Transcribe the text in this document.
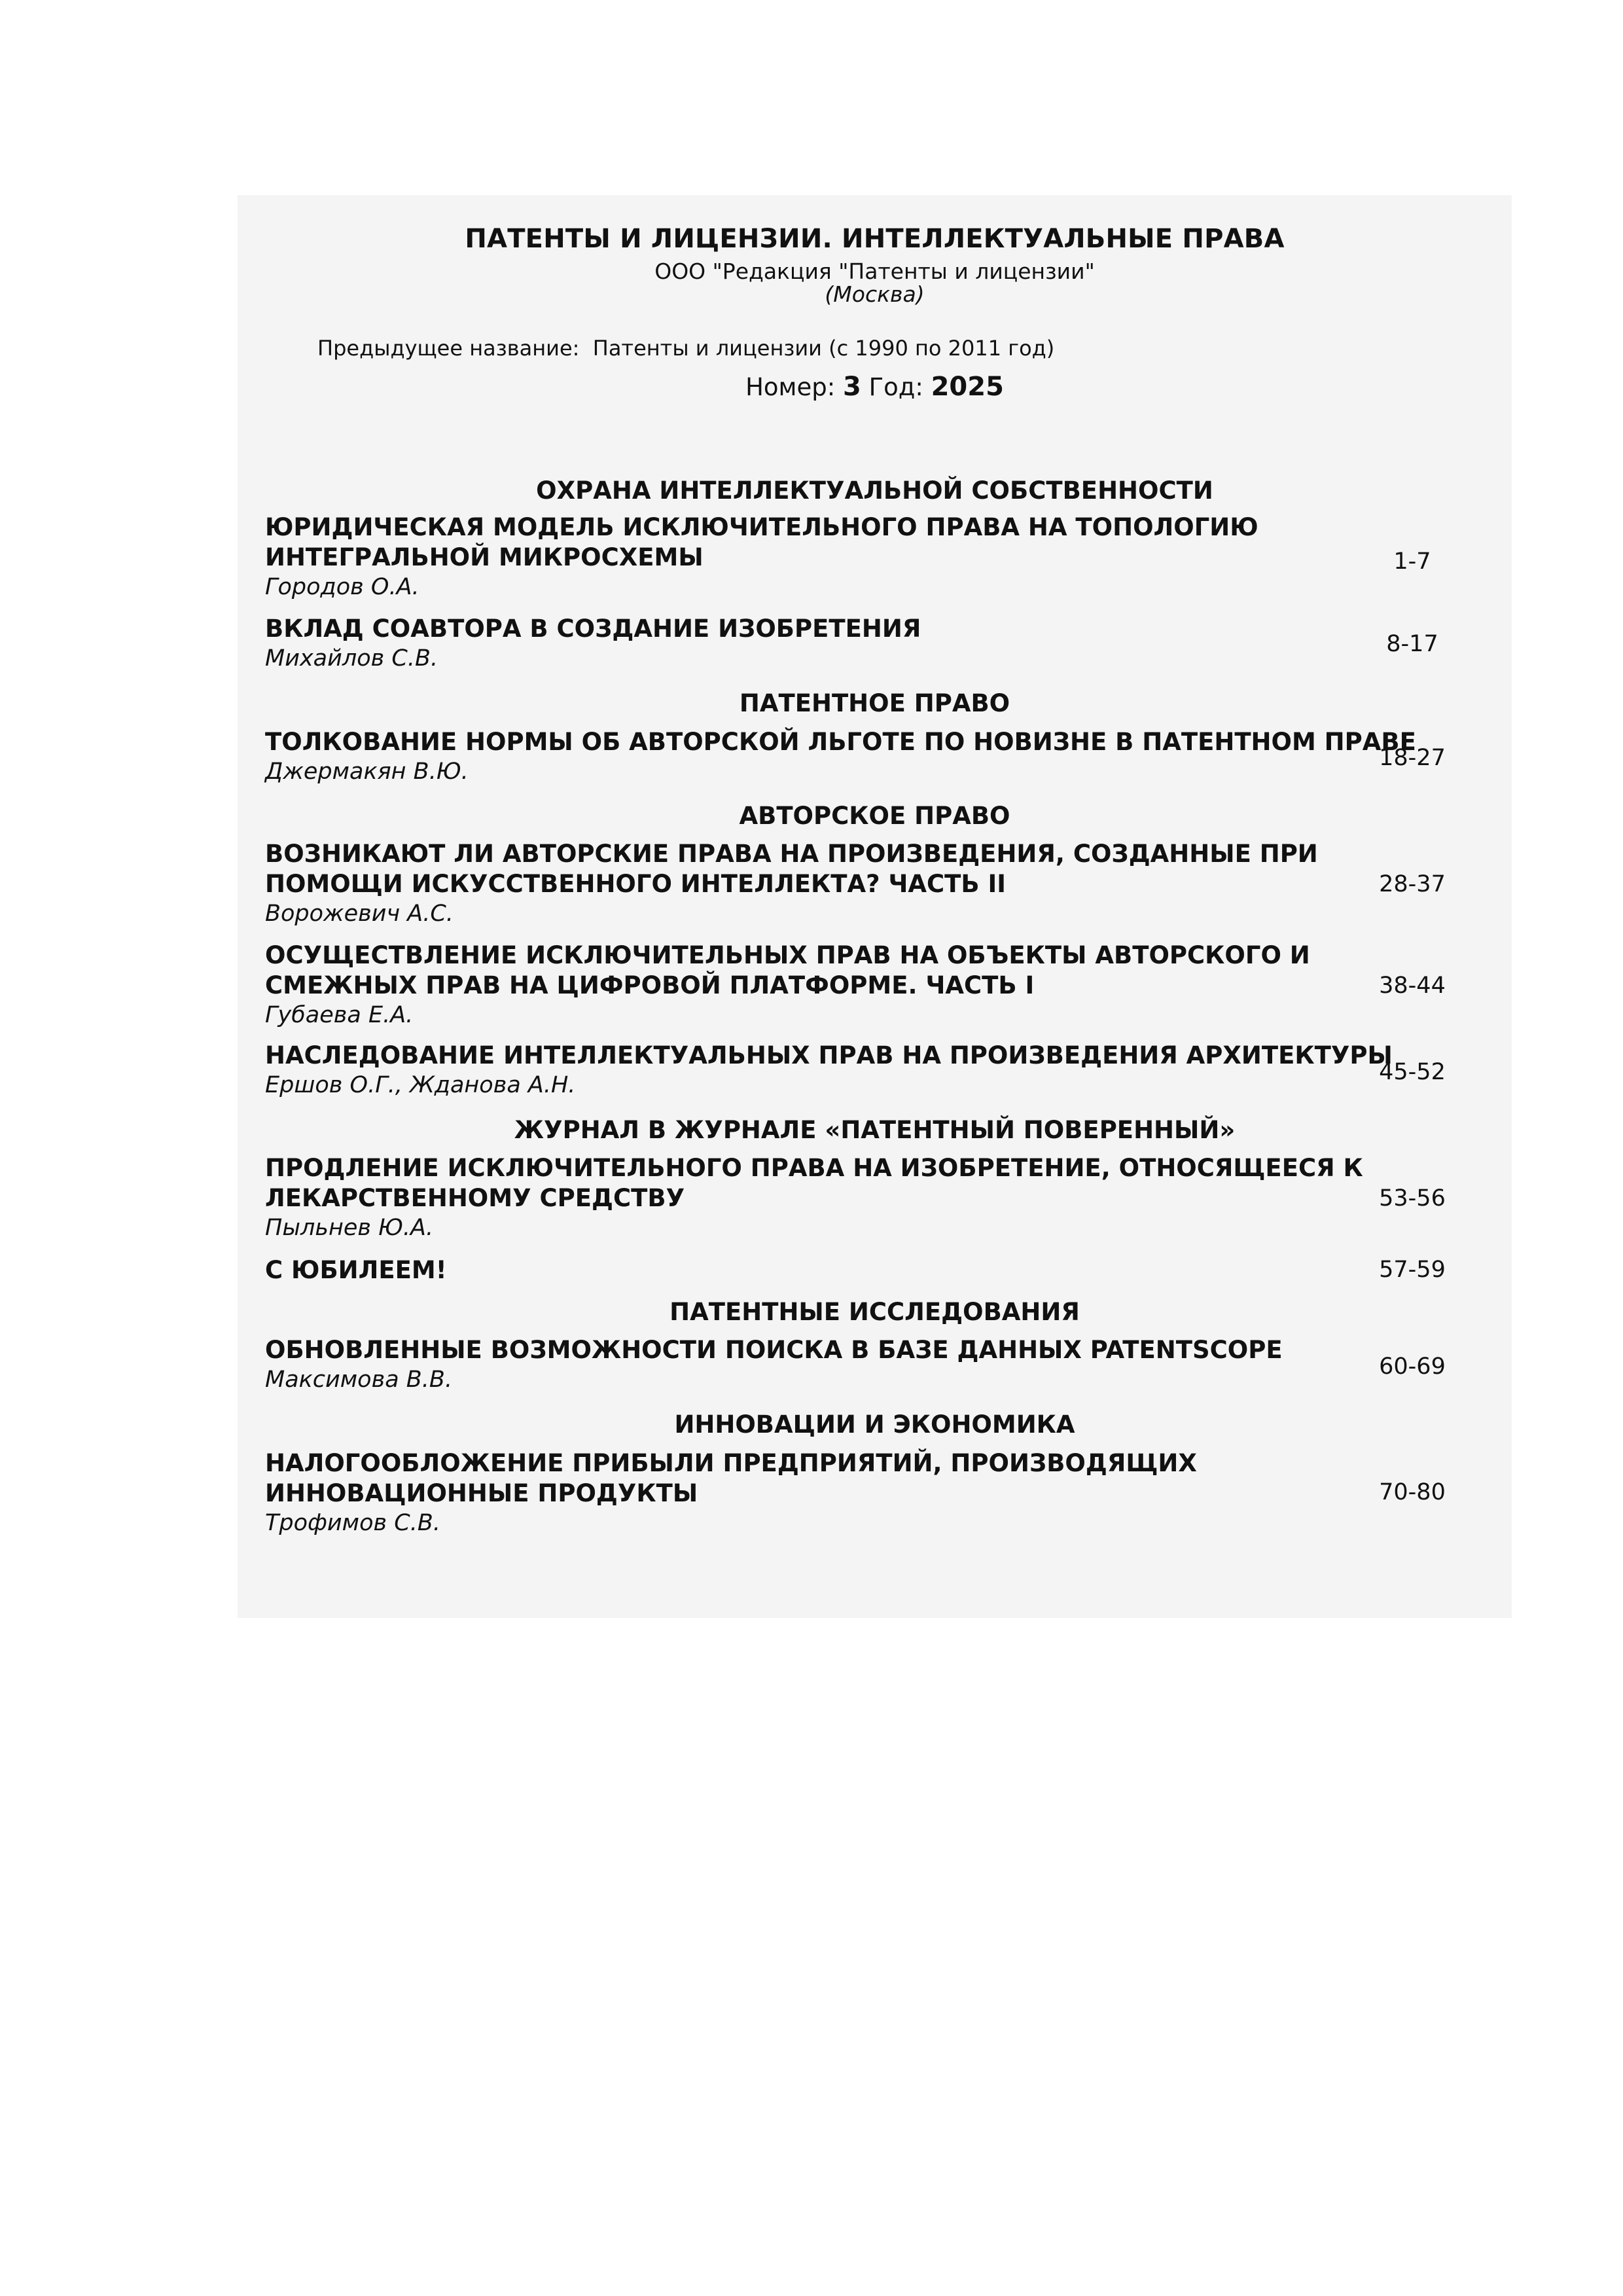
ПАТЕНТЫ И ЛИЦЕНЗИИ. ИНТЕЛЛЕКТУАЛЬНЫЕ ПРАВА
ООО "Редакция "Патенты и лицензии"
(Москва)
Предыдущее название: Патенты и лицензии (с 1990 по 2011 год)
Номер: 3 Год: 2025
ОХРАНА ИНТЕЛЛЕКТУАЛЬНОЙ СОБСТВЕННОСТИ
ЮРИДИЧЕСКАЯ МОДЕЛЬ ИСКЛЮЧИТЕЛЬНОГО ПРАВА НА ТОПОЛОГИЮ
ИНТЕГРАЛЬНОЙ МИКРОСХЕМЫ
Городов О.А.
1-7
ВКЛАД СОАВТОРА В СОЗДАНИЕ ИЗОБРЕТЕНИЯ
Михайлов С.В.
8-17
ПАТЕНТНОЕ ПРАВО
ТОЛКОВАНИЕ НОРМЫ ОБ АВТОРСКОЙ ЛЬГОТЕ ПО НОВИЗНЕ В ПАТЕНТНОМ ПРАВЕ
Джермакян В.Ю.
18-27
АВТОРСКОЕ ПРАВО
ВОЗНИКАЮТ ЛИ АВТОРСКИЕ ПРАВА НА ПРОИЗВЕДЕНИЯ, СОЗДАННЫЕ ПРИ
ПОМОЩИ ИСКУССТВЕННОГО ИНТЕЛЛЕКТА? ЧАСТЬ II
Ворожевич А.С.
28-37
ОСУЩЕСТВЛЕНИЕ ИСКЛЮЧИТЕЛЬНЫХ ПРАВ НА ОБЪЕКТЫ АВТОРСКОГО И
СМЕЖНЫХ ПРАВ НА ЦИФРОВОЙ ПЛАТФОРМЕ. ЧАСТЬ I
Губаева Е.А.
38-44
НАСЛЕДОВАНИЕ ИНТЕЛЛЕКТУАЛЬНЫХ ПРАВ НА ПРОИЗВЕДЕНИЯ АРХИТЕКТУРЫ
Ершов О.Г., Жданова А.Н.	45-52
ЖУРНАЛ В ЖУРНАЛЕ «ПАТЕНТНЫЙ ПОВЕРЕННЫЙ»
ПРОДЛЕНИЕ ИСКЛЮЧИТЕЛЬНОГО ПРАВА НА ИЗОБРЕТЕНИЕ, ОТНОСЯЩЕЕСЯ К
ЛЕКАРСТВЕННОМУ СРЕДСТВУ
Пыльнев Ю.А.
53-56
С ЮБИЛЕЕМ!	57-59
ПАТЕНТНЫЕ ИССЛЕДОВАНИЯ
ОБНОВЛЕННЫЕ ВОЗМОЖНОСТИ ПОИСКА В БАЗЕ ДАННЫХ PATENTSCOPE
Максимова В.В.	60-69
ИННОВАЦИИ И ЭКОНОМИКА
НАЛОГООБЛОЖЕНИЕ ПРИБЫЛИ ПРЕДПРИЯТИЙ, ПРОИЗВОДЯЩИХ
ИННОВАЦИОННЫЕ ПРОДУКТЫ
Трофимов С.В.
70-80
